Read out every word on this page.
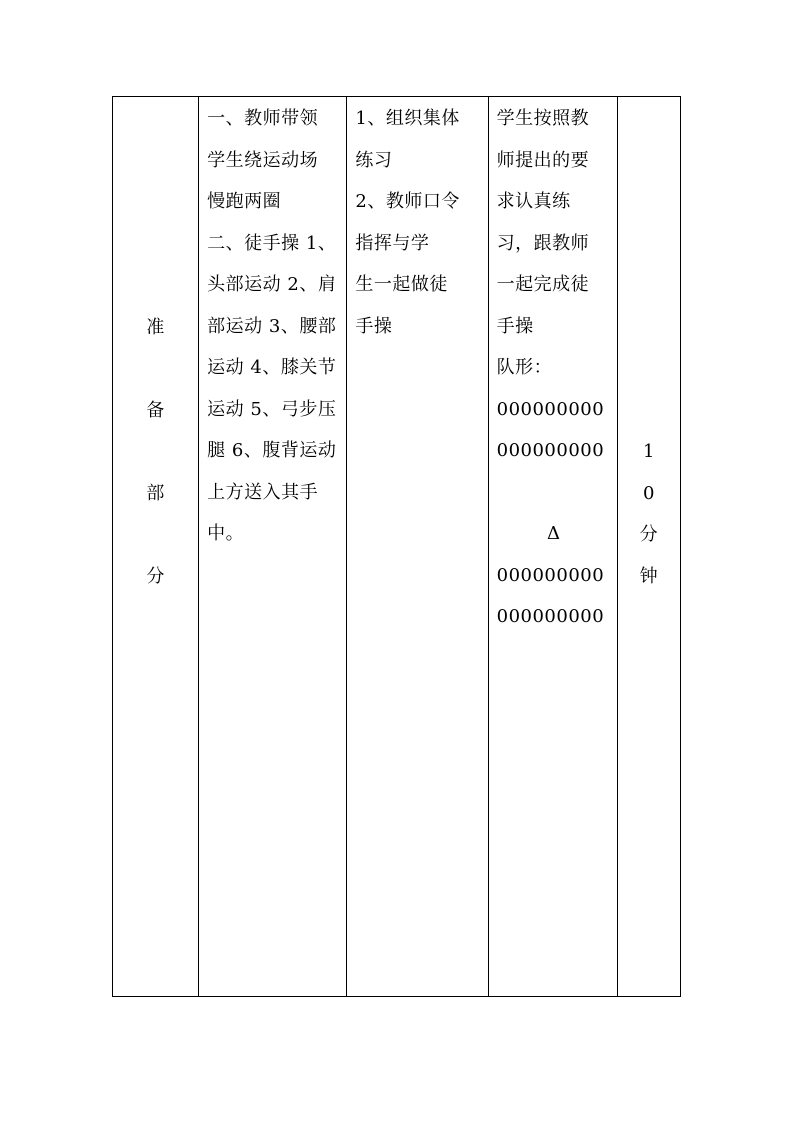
准
备
部
分

一、教师带领
学生绕运动场
慢跑两圈
二、徒手操 1、
头部运动 2、肩
部运动 3、腰部
运动 4、膝关节
运动 5、弓步压
腿 6、腹背运动
上方送入其手
中。

1、组织集体
练习
2、教师口令
指挥与学
生一起做徒
手操

学生按照教
师提出的要
求认真练
习，跟教师
一起完成徒
手操
队形：
000000000
000000000
Δ
000000000
000000000

1
0
分
钟
